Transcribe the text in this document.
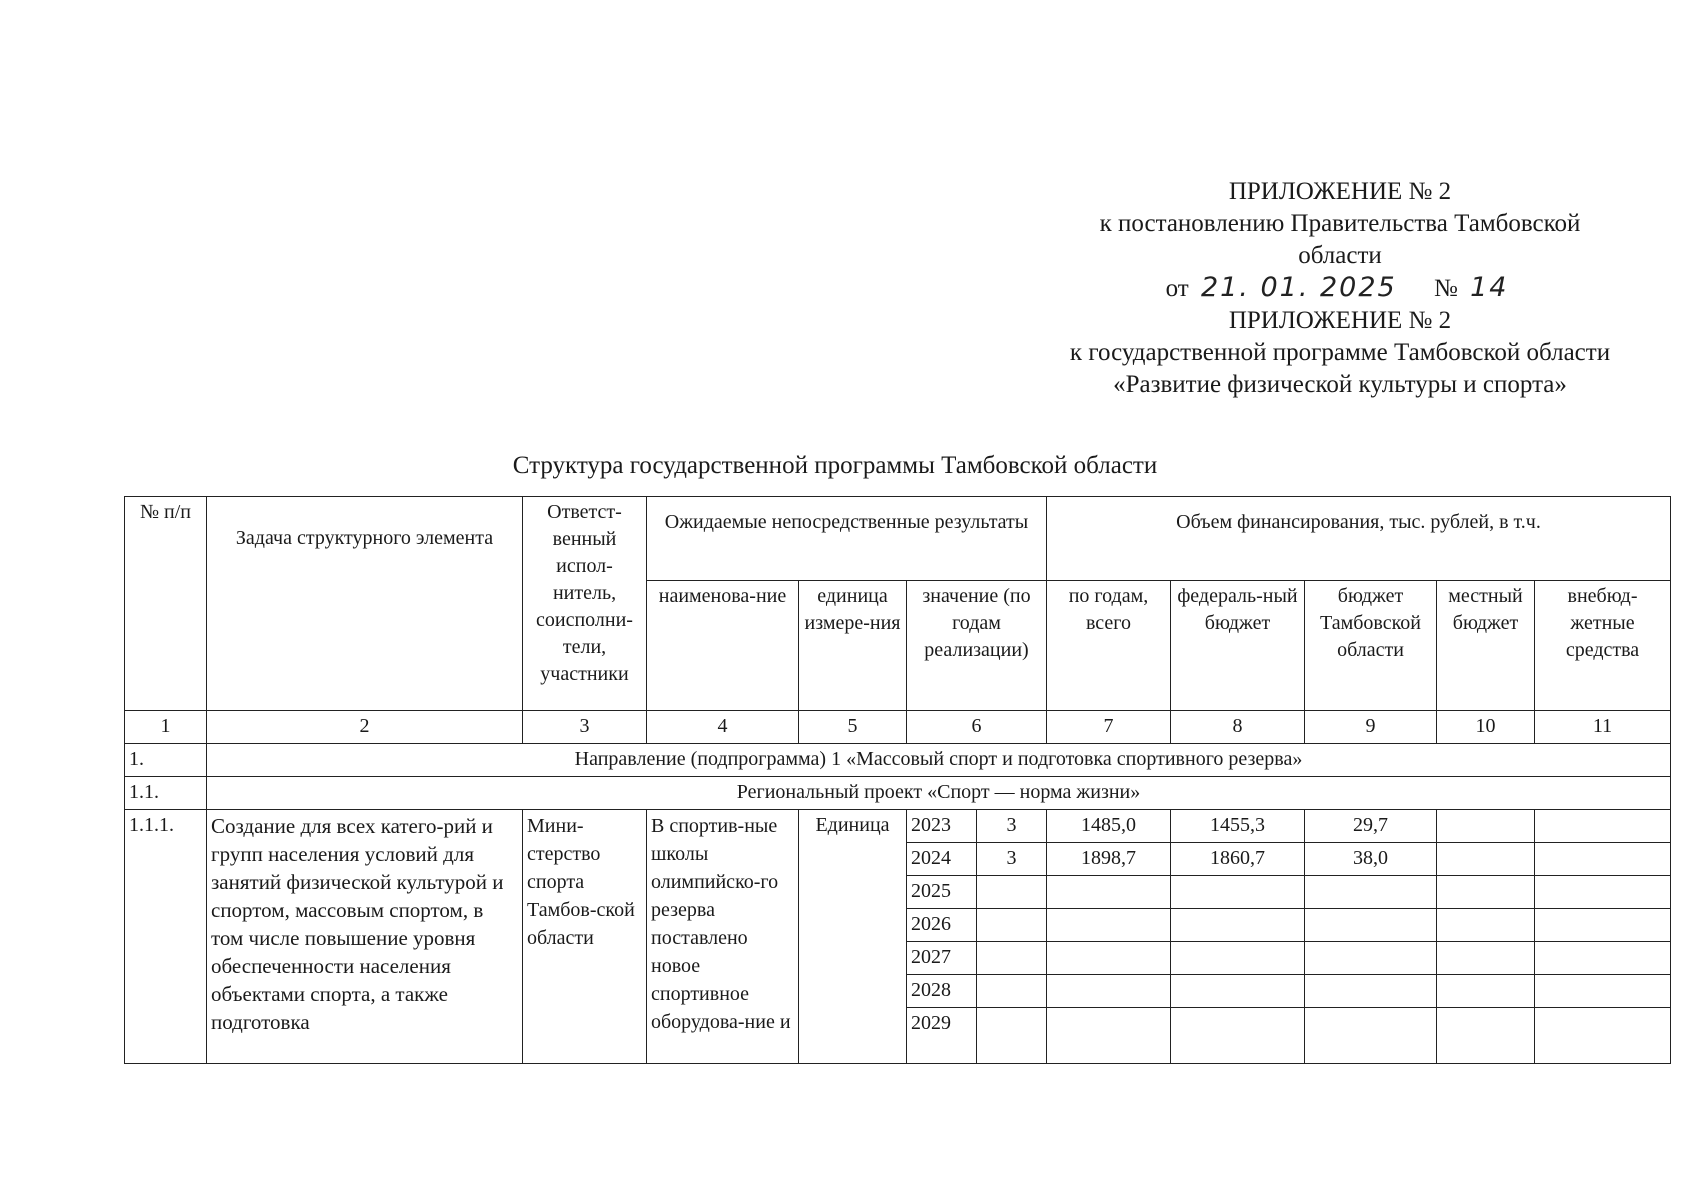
ПРИЛОЖЕНИЕ № 2
к постановлению Правительства Тамбовской области
от 21. 01. 2025 № 14
ПРИЛОЖЕНИЕ № 2
к государственной программе Тамбовской области
«Развитие физической культуры и спорта»
Структура государственной программы Тамбовской области
№ п/п	Задача структурного элемента	Ответст-венный испол-нитель, соисполни-тели, участники	Ожидаемые непосредственные результаты				Объем финансирования, тыс. рублей, в т.ч.				
			наименова-ние	единица измере-ния	значение (по годам реализации)		по годам, всего	федераль-ный бюджет	бюджет Тамбовской области	местный бюджет	внебюд-жетные средства
1	2	3	4	5	6		7	8	9	10	11
1.	Направление (подпрограмма) 1 «Массовый спорт и подготовка спортивного резерва»										
1.1.	Региональный проект «Спорт — норма жизни»										
1.1.1.	Создание для всех катего-рий и групп населения условий для занятий физической культурой и спортом, массовым спортом, в том числе повышение уровня обеспеченности населения объектами спорта, а также подготовка	Мини-стерство спорта Тамбов-ской области	В спортив-ные школы олимпийско-го резерва поставлено новое спортивное оборудова-ние и	Единица	2023	3	1485,0	1455,3	29,7		
					2024	3	1898,7	1860,7	38,0		
					2025						
					2026						
					2027						
					2028						
					2029						
